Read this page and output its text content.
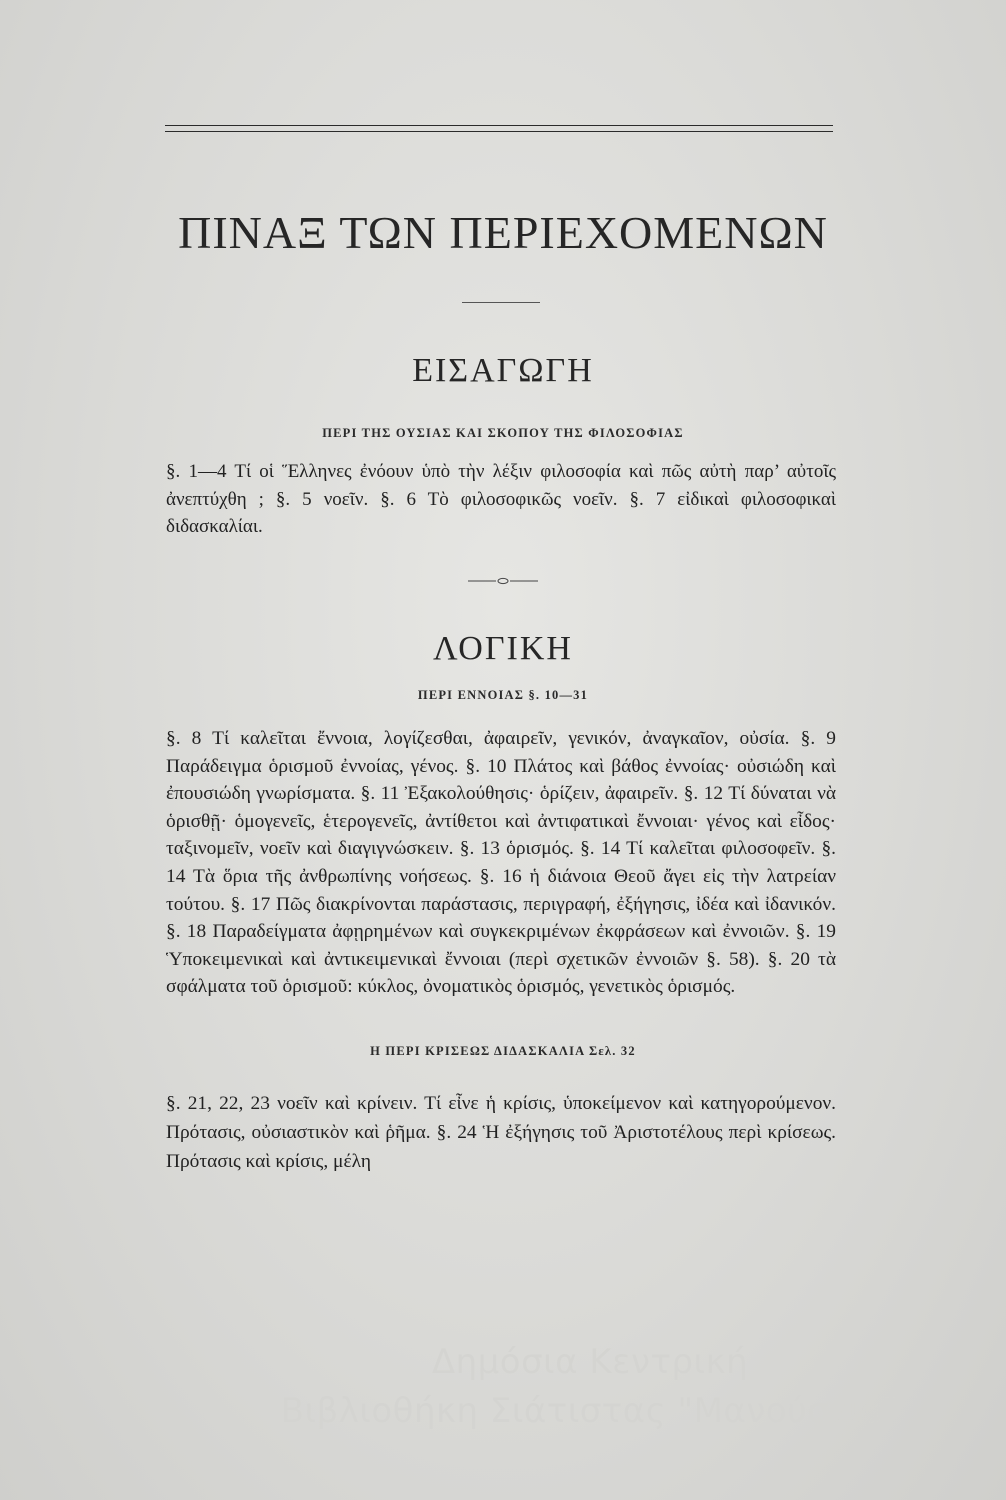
ΠΙΝΑΞ ΤΩΝ ΠΕΡΙΕΧΟΜΕΝΩΝ
ΕΙΣΑΓΩΓΗ
ΠΕΡΙ ΤΗΣ ΟΥΣΙΑΣ ΚΑΙ ΣΚΟΠΟΥ ΤΗΣ ΦΙΛΟΣΟΦΙΑΣ

§. 1—4 Τί οἱ Ἕλληνες ἐνόουν ὑπὸ τὴν λέξιν φιλοσοφία καὶ πῶς αὐτὴ παρ’ αὐτοῖς ἀνεπτύχθη ; §. 5 νοεῖν. §. 6 Τὸ φιλοσοφικῶς νοεῖν. §. 7 εἰδικαὶ φιλοσοφικαὶ διδασκαλίαι.

ΛΟΓΙΚΗ
ΠΕΡΙ ΕΝΝΟΙΑΣ §. 10—31

§. 8 Τί καλεῖται ἔννοια, λογίζεσθαι, ἀφαιρεῖν, γενικόν, ἀναγκαῖον, οὐσία. §. 9 Παράδειγμα ὁρισμοῦ ἐννοίας, γένος. §. 10 Πλάτος καὶ βάθος ἐννοίας· οὐσιώδη καὶ ἐπουσιώδη γνωρίσματα. §. 11 Ἐξακολούθησις· ὁρίζειν, ἀφαιρεῖν. §. 12 Τί δύναται νὰ ὁρισθῇ· ὁμογενεῖς, ἑτερογενεῖς, ἀντίθετοι καὶ ἀντιφατικαὶ ἔννοιαι· γένος καὶ εἶδος· ταξινομεῖν, νοεῖν καὶ διαγιγνώσκειν. §. 13 ὁρισμός. §. 14 Τί καλεῖται φιλοσοφεῖν. §. 14 Τὰ ὅρια τῆς ἀνθρωπίνης νοήσεως. §. 16 ἡ διάνοια Θεοῦ ἄγει εἰς τὴν λατρείαν τούτου. §. 17 Πῶς διακρίνονται παράστασις, περιγραφή, ἐξήγησις, ἰδέα καὶ ἰδανικόν. §. 18 Παραδείγματα ἀφῃρημένων καὶ συγκεκριμένων ἐκφράσεων καὶ ἐννοιῶν. §. 19 Ὑποκειμενικαὶ καὶ ἀντικειμενικαὶ ἔννοιαι (περὶ σχετικῶν ἐννοιῶν §. 58). §. 20 τὰ σφάλματα τοῦ ὁρισμοῦ: κύκλος, ὀνοματικὸς ὁρισμός, γενετικὸς ὁρισμός.

Η ΠΕΡΙ ΚΡΙΣΕΩΣ ΔΙΔΑΣΚΑΛΙΑ Σελ. 32

§. 21, 22, 23 νοεῖν καὶ κρίνειν. Τί εἶνε ἡ κρίσις, ὑποκείμενον καὶ κατηγορούμενον. Πρότασις, οὐσιαστικὸν καὶ ῥῆμα. §. 24 Ἡ ἐξήγησις τοῦ Ἀριστοτέλους περὶ κρίσεως. Πρότασις καὶ κρίσις, μέλη

Δημόσια Κεντρική
Βιβλιοθήκη Σιάτιστας "Μανούσεια"
